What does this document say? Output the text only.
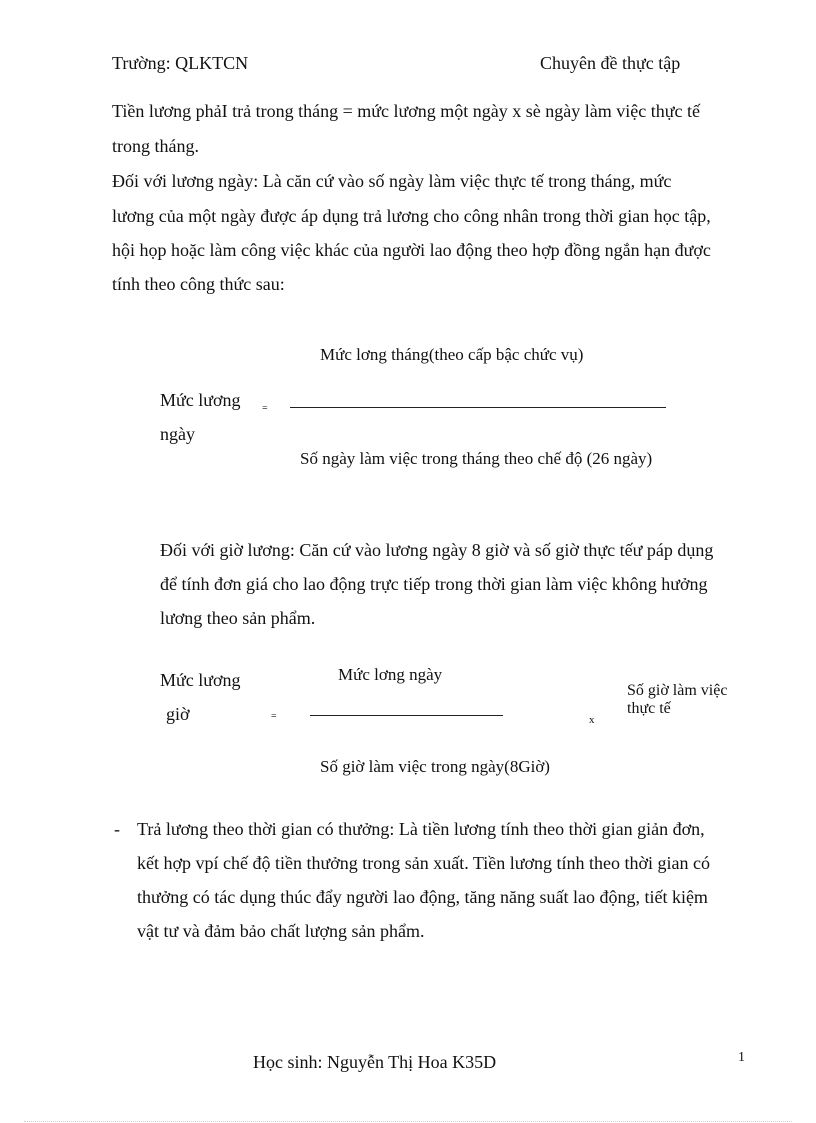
Trường: QLKTCN	Chuyên đề thực tập
Tiền lương phảI trả trong tháng = mức lương một ngày x sè ngày làm việc thực tế
trong tháng.
Đối với lương ngày: Là căn cứ vào số ngày làm việc thực tế trong tháng, mức
lương của một ngày được áp dụng trả lương cho công nhân trong thời gian học tập,
hội họp hoặc làm công việc khác của người lao động theo hợp đồng ngắn hạn được
tính theo công thức sau:
Mức lơng tháng(theo cấp bậc chức vụ)
Mức lương
ngày
=
Số ngày làm việc trong tháng theo chế độ (26 ngày)
Đối với giờ lương: Căn cứ vào lương ngày 8 giờ và số giờ thực tếư páp dụng
để tính đơn giá cho lao động trực tiếp trong thời gian làm việc không hưởng
lương theo sản phẩm.
Mức lương
giờ	=
Mức lơng ngày
Số giờ làm việc trong ngày(8Giờ)
x
Số giờ làm việc
thực tế
- Trả lương theo thời gian có thưởng: Là tiền lương tính theo thời gian giản đơn,
kết hợp vpí chế độ tiền thưởng trong sản xuất. Tiền lương tính theo thời gian có
thưởng có tác dụng thúc đẩy người lao động, tăng năng suất lao động, tiết kiệm
vật tư và đảm bảo chất lượng sản phẩm.
Học sinh: Nguyễn Thị Hoa K35D	1
